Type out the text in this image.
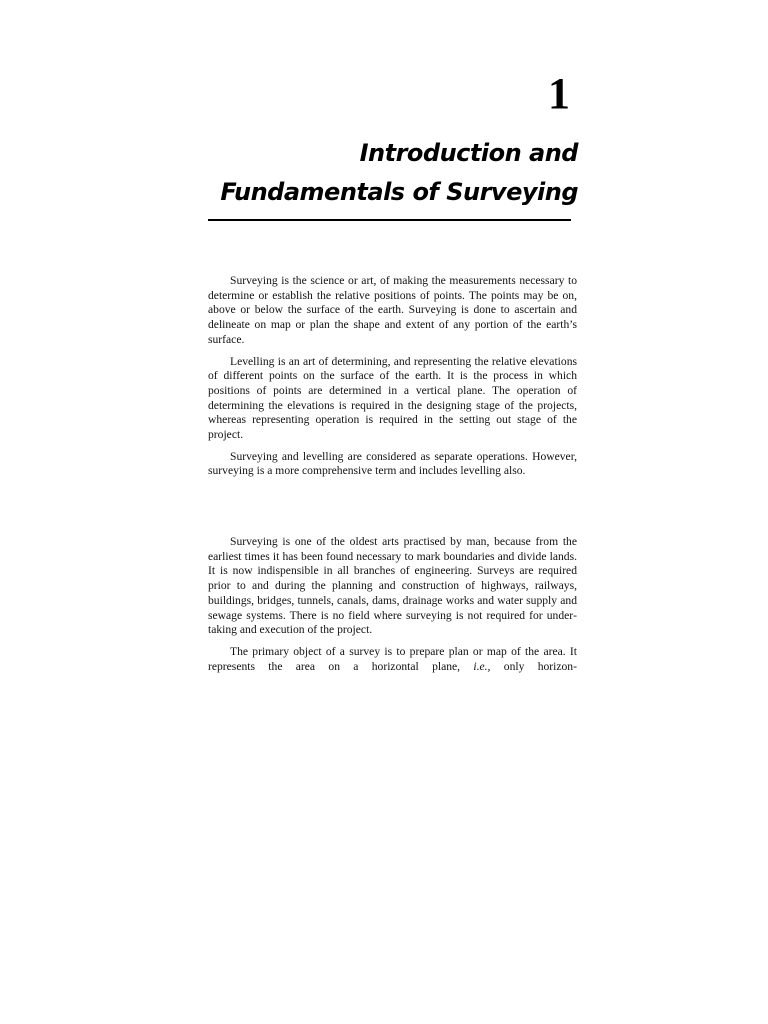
1
Introduction and
Fundamentals of Surveying

Surveying is the science or art, of making the measurements necessary to determine or establish the relative positions of points. The points may be on, above or below the surface of the earth. Surveying is done to ascertain and delineate on map or plan the shape and extent of any portion of the earth’s surface.

Levelling is an art of determining, and representing the relative elevations of different points on the surface of the earth. It is the process in which positions of points are determined in a vertical plane. The operation of determining the elevations is required in the designing stage of the projects, whereas representing operation is required in the setting out stage of the project.

Surveying and levelling are considered as separate operations. However, surveying is a more comprehensive term and includes levelling also.

Surveying is one of the oldest arts practised by man, because from the earliest times it has been found necessary to mark boundaries and divide lands. It is now indispensible in all branches of engineering. Surveys are required prior to and during the planning and construction of highways, railways, buildings, bridges, tunnels, canals, dams, drainage works and water supply and sewage systems. There is no field where surveying is not required for undertaking and execution of the project.

The primary object of a survey is to prepare plan or map of the area. It represents the area on a horizontal plane, i.e., only horizon-
